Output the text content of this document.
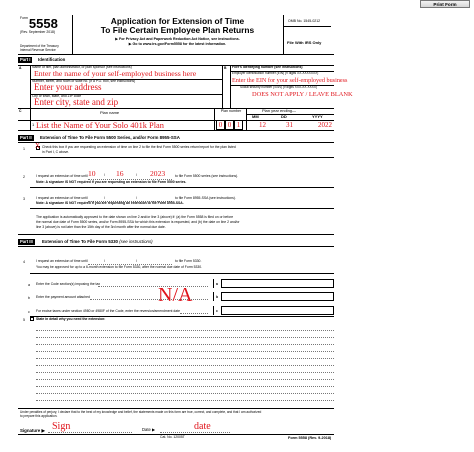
Print Form
Form 5558
(Rev. September 2018)
Department of the Treasury
Internal Revenue Service
Application for Extension of Time
To File Certain Employee Plan Returns
▶ For Privacy Act and Paperwork Reduction Act Notice, see instructions.
▶ Go to www.irs.gov/Form5558 for the latest information.
OMB No. 1545-0212
File With IRS Only
Part I	Identification
A	Name of filer, plan administrator, or plan sponsor (see instructions)
Enter the name of your self-employed business here
Number, street, and room or suite no. (If a P.O. box, see instructions)
Enter your address
City or town, state, and ZIP code
Enter city, state and zip
B Filer's identifying number (see instructions)
Employer identification number (EIN) (9 digits XX-XXXXXXX)
Enter the EIN for your self-employed business
Social security number (SSN) (9 digits XXX-XX-XXXX)
DOES NOT APPLY / LEAVE BLANK
C	Plan name	Plan number	Plan year ending—
MM	DD	YYYY
1 List the Name of Your Solo 401k Plan	0 0 1	12	31	2022
Part II	Extension of Time To File Form 5500 Series, and/or Form 8955-SSA
1 X Check this box if you are requesting an extension of time on line 2 to file the first Form 5500 series return/report for the plan listed
in Part I, C above.
2	I request an extension of time until 10 / 16	/ 2023	to file Form 5500 series (see instructions).
Note: A signature IS NOT required if you are requesting an extension to file Form 5500 series.
3	I request an extension of time until	/	/	to file Form 8955-SSA (see instructions).
Note: A signature IS NOT required if you are requesting an extension to file Form 8955-SSA.
The application is automatically approved to the date shown on line 2 and/or line 3 (above) if: (a) the Form 5558 is filed on or before
the normal due date of Form 5500 series, and/or Form 8955-SSA for which this extension is requested, and (b) the date on line 2 and/or
line 3 (above) is not later than the 15th day of the 3rd month after the normal due date.
Part III	Extension of Time To File Form 5330 (see instructions)
4	I request an extension of time until	/	/	to file Form 5330.
You may be approved for up to a 6-month extension to file Form 5330, after the normal due date of Form 5330.
a Enter the Code section(s) imposing the tax	a
b Enter the payment amount attached	b
N/A
c For excise taxes under section 4980 or 4980F of the Code, enter the reversion/amendment date	c
5	State in detail why you need the extension:
Under penalties of perjury, I declare that to the best of my knowledge and belief, the statements made on this form are true, correct, and complete, and that I am authorized
to prepare this application.
Signature ▶ Sign	Date ▶	date
Cat. No. 12005T	Form 5558 (Rev. 9-2018)
